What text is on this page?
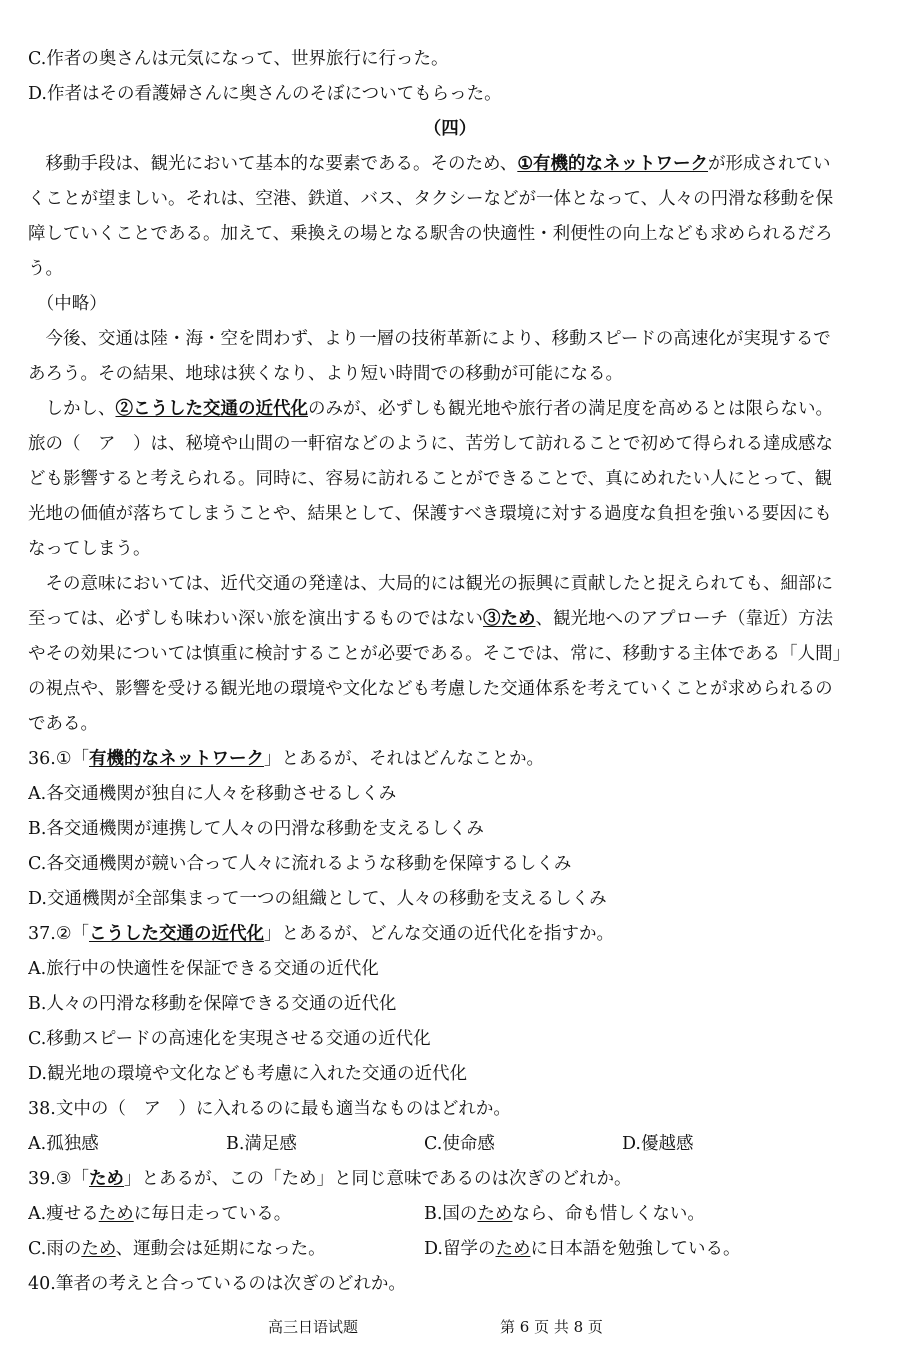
C.作者の奥さんは元気になって、世界旅行に行った。
D.作者はその看護婦さんに奥さんのそぼについてもらった。
（四）
　移動手段は、観光において基本的な要素である。そのため、①有機的なネットワークが形成されてい
くことが望ましい。それは、空港、鉄道、バス、タクシーなどが一体となって、人々の円滑な移動を保
障していくことである。加えて、乗換えの場となる駅舎の快適性・利便性の向上なども求められるだろ
う。
　（中略）
　今後、交通は陸・海・空を問わず、より一層の技術革新により、移動スピードの高速化が実現するで
あろう。その結果、地球は狭くなり、より短い時間での移動が可能になる。
　しかし、②こうした交通の近代化のみが、必ずしも観光地や旅行者の満足度を高めるとは限らない。
旅の（　ア　）は、秘境や山間の一軒宿などのように、苦労して訪れることで初めて得られる達成感な
ども影響すると考えられる。同時に、容易に訪れることができることで、真にめれたい人にとって、観
光地の価値が落ちてしまうことや、結果として、保護すべき環境に対する過度な負担を強いる要因にも
なってしまう。
　その意味においては、近代交通の発達は、大局的には観光の振興に貢献したと捉えられても、細部に
至っては、必ずしも味わい深い旅を演出するものではない③ため、観光地へのアプローチ（靠近）方法
やその効果については慎重に検討することが必要である。そこでは、常に、移動する主体である「人間」
の視点や、影響を受ける観光地の環境や文化なども考慮した交通体系を考えていくことが求められるの
である。
36.①「有機的なネットワーク」とあるが、それはどんなことか。
A.各交通機関が独自に人々を移動させるしくみ
B.各交通機関が連携して人々の円滑な移動を支えるしくみ
C.各交通機関が競い合って人々に流れるような移動を保障するしくみ
D.交通機関が全部集まって一つの組織として、人々の移動を支えるしくみ
37.②「こうした交通の近代化」とあるが、どんな交通の近代化を指すか。
A.旅行中の快適性を保証できる交通の近代化
B.人々の円滑な移動を保障できる交通の近代化
C.移動スピードの高速化を実現させる交通の近代化
D.観光地の環境や文化なども考慮に入れた交通の近代化
38.文中の（　ア　）に入れるのに最も適当なものはどれか。
A.孤独感	B.満足感	C.使命感	D.優越感
39.③「ため」とあるが、この「ため」と同じ意味であるのは次ぎのどれか。
A.痩せるために毎日走っている。	B.国のためなら、命も惜しくない。
C.雨のため、運動会は延期になった。	D.留学のために日本語を勉強している。
40.筆者の考えと合っているのは次ぎのどれか。
高三日语试题	第 6 页 共 8 页
